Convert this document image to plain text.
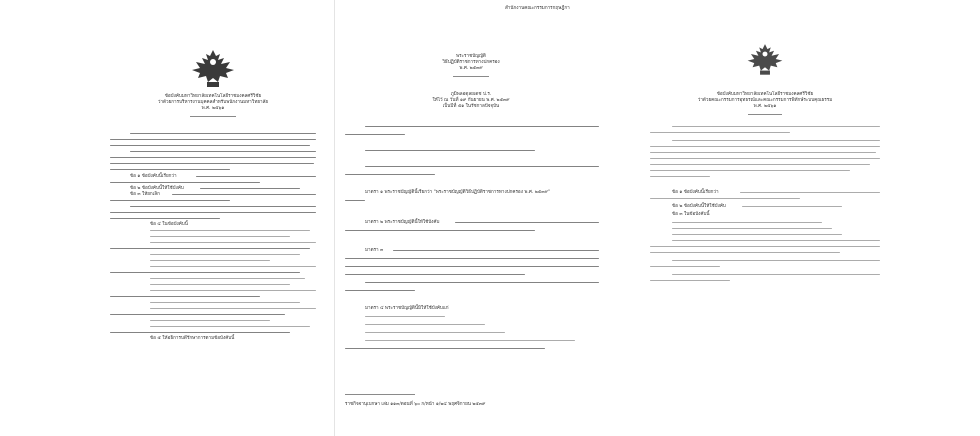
ข้อบังคับมหาวิทยาลัยเทคโนโลยีราชมงคลศรีวิชัย
ว่าด้วยการบริหารงานบุคคลสำหรับพนักงานมหาวิทยาลัย
พ.ศ. ๒๕๖๑
ข้อ ๑ ข้อบังคับนี้เรียกว่า
ข้อ ๒ ข้อบังคับนี้ให้ใช้บังคับ
ข้อ ๓ ให้ยกเลิก
ข้อ ๔ ในข้อบังคับนี้
ข้อ ๕ ให้อธิการบดีรักษาการตามข้อบังคับนี้
สำนักงานคณะกรรมการกฤษฎีกา
พระราชบัญญัติ
วิธีปฏิบัติราชการทางปกครอง
พ.ศ. ๒๕๓๙
ภูมิพลอดุลยเดช ป.ร.
ให้ไว้ ณ วันที่ ๑๙ กันยายน พ.ศ. ๒๕๓๙
เป็นปีที่ ๕๑ ในรัชกาลปัจจุบัน
มาตรา ๑ พระราชบัญญัตินี้เรียกว่า "พระราชบัญญัติวิธีปฏิบัติราชการทางปกครอง พ.ศ. ๒๕๓๙"
มาตรา ๒ พระราชบัญญัตินี้ให้ใช้บังคับ
มาตรา ๓
มาตรา ๔ พระราชบัญญัตินี้มิให้ใช้บังคับแก่
ราชกิจจานุเบกษา เล่ม ๑๑๓/ตอนที่ ๖๐ ก/หน้า ๑/๒๔ พฤศจิกายน ๒๕๓๙
ข้อบังคับมหาวิทยาลัยเทคโนโลยีราชมงคลศรีวิชัย
ว่าด้วยคณะกรรมการอุทธรณ์และคณะกรรมการพิทักษ์ระบบคุณธรรม
พ.ศ. ๒๕๖๑
ข้อ ๑ ข้อบังคับนี้เรียกว่า
ข้อ ๒ ข้อบังคับนี้ให้ใช้บังคับ
ข้อ ๓ ในข้อบังคับนี้
